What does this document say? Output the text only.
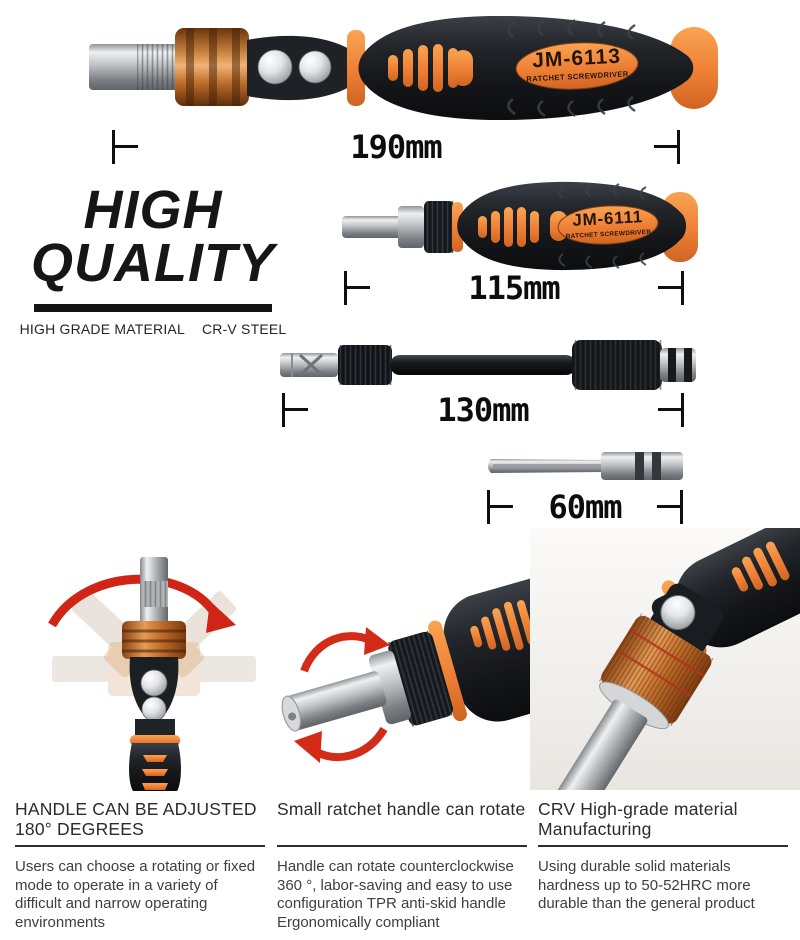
JM-6113
RATCHET SCREWDRIVER
190mm
HIGH
QUALITY
HIGH GRADE MATERIAL CR-V STEEL
JM-6111
RATCHET SCREWDRIVER
115mm
130mm
60mm
HANDLE CAN BE ADJUSTED 180° DEGREES
Users can choose a rotating or fixed mode to operate in a variety of difficult and narrow operating environments
Small ratchet handle can rotate
Handle can rotate counterclockwise 360 °, labor-saving and easy to use configuration TPR anti-skid handle Ergonomically compliant
CRV High-grade material Manufacturing
Using durable solid materials hardness up to 50-52HRC more durable than the general product
